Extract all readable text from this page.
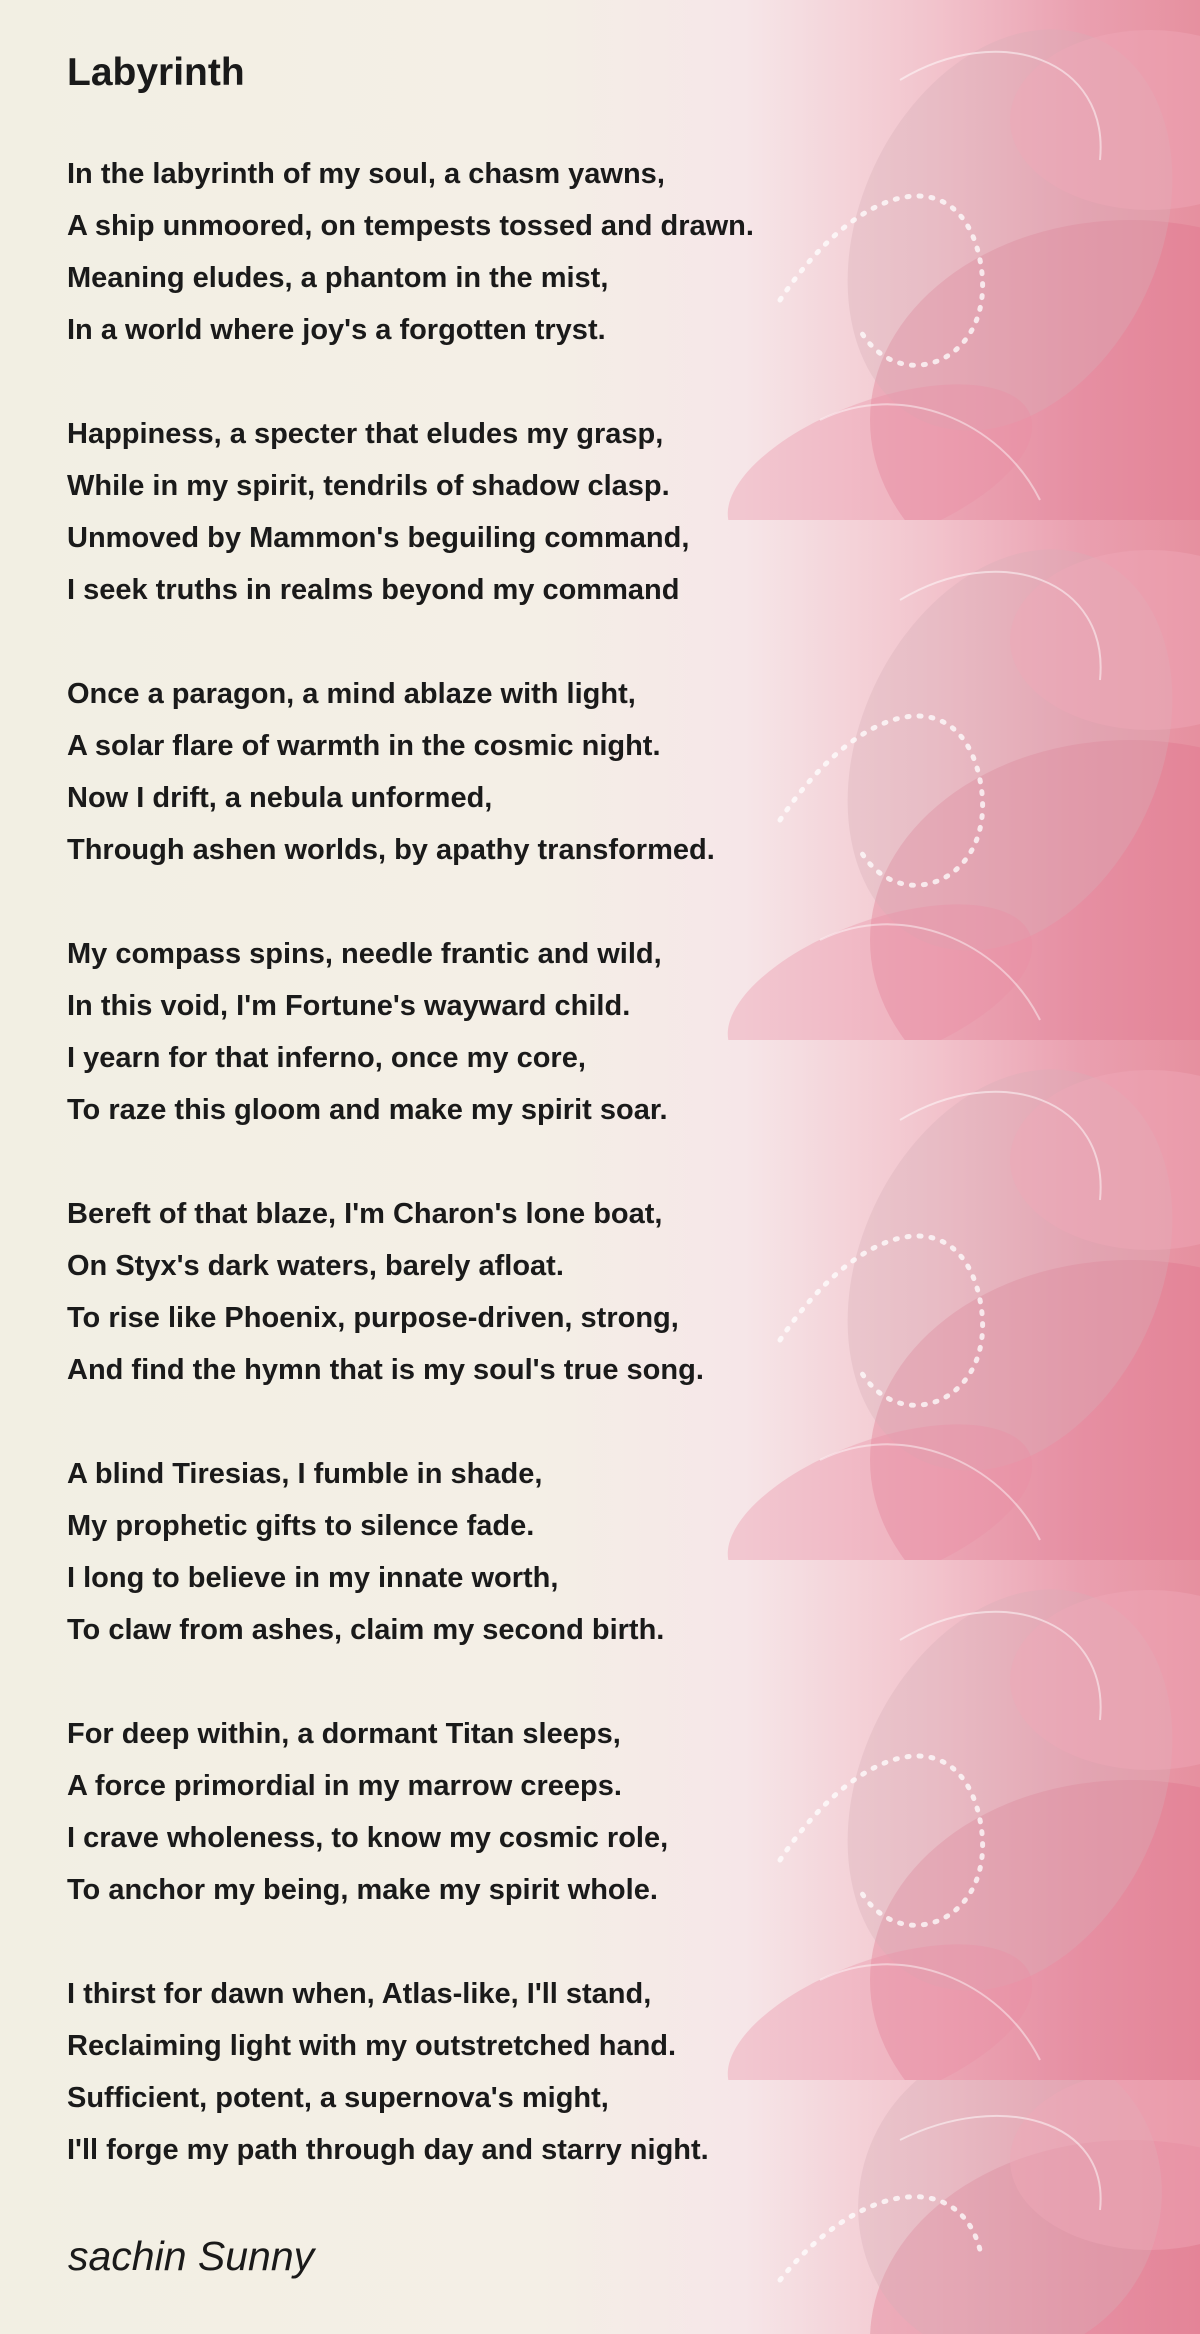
Labyrinth
In the labyrinth of my soul, a chasm yawns,
A ship unmoored, on tempests tossed and drawn.
Meaning eludes, a phantom in the mist,
In a world where joy's a forgotten tryst.
Happiness, a specter that eludes my grasp,
While in my spirit, tendrils of shadow clasp.
Unmoved by Mammon's beguiling command,
I seek truths in realms beyond my command
Once a paragon, a mind ablaze with light,
A solar flare of warmth in the cosmic night.
Now I drift, a nebula unformed,
Through ashen worlds, by apathy transformed.
My compass spins, needle frantic and wild,
In this void, I'm Fortune's wayward child.
I yearn for that inferno, once my core,
To raze this gloom and make my spirit soar.
Bereft of that blaze, I'm Charon's lone boat,
On Styx's dark waters, barely afloat.
To rise like Phoenix, purpose-driven, strong,
And find the hymn that is my soul's true song.
A blind Tiresias, I fumble in shade,
My prophetic gifts to silence fade.
I long to believe in my innate worth,
To claw from ashes, claim my second birth.
For deep within, a dormant Titan sleeps,
A force primordial in my marrow creeps.
I crave wholeness, to know my cosmic role,
To anchor my being, make my spirit whole.
I thirst for dawn when, Atlas-like, I'll stand,
Reclaiming light with my outstretched hand.
Sufficient, potent, a supernova's might,
I'll forge my path through day and starry night.
sachin Sunny
